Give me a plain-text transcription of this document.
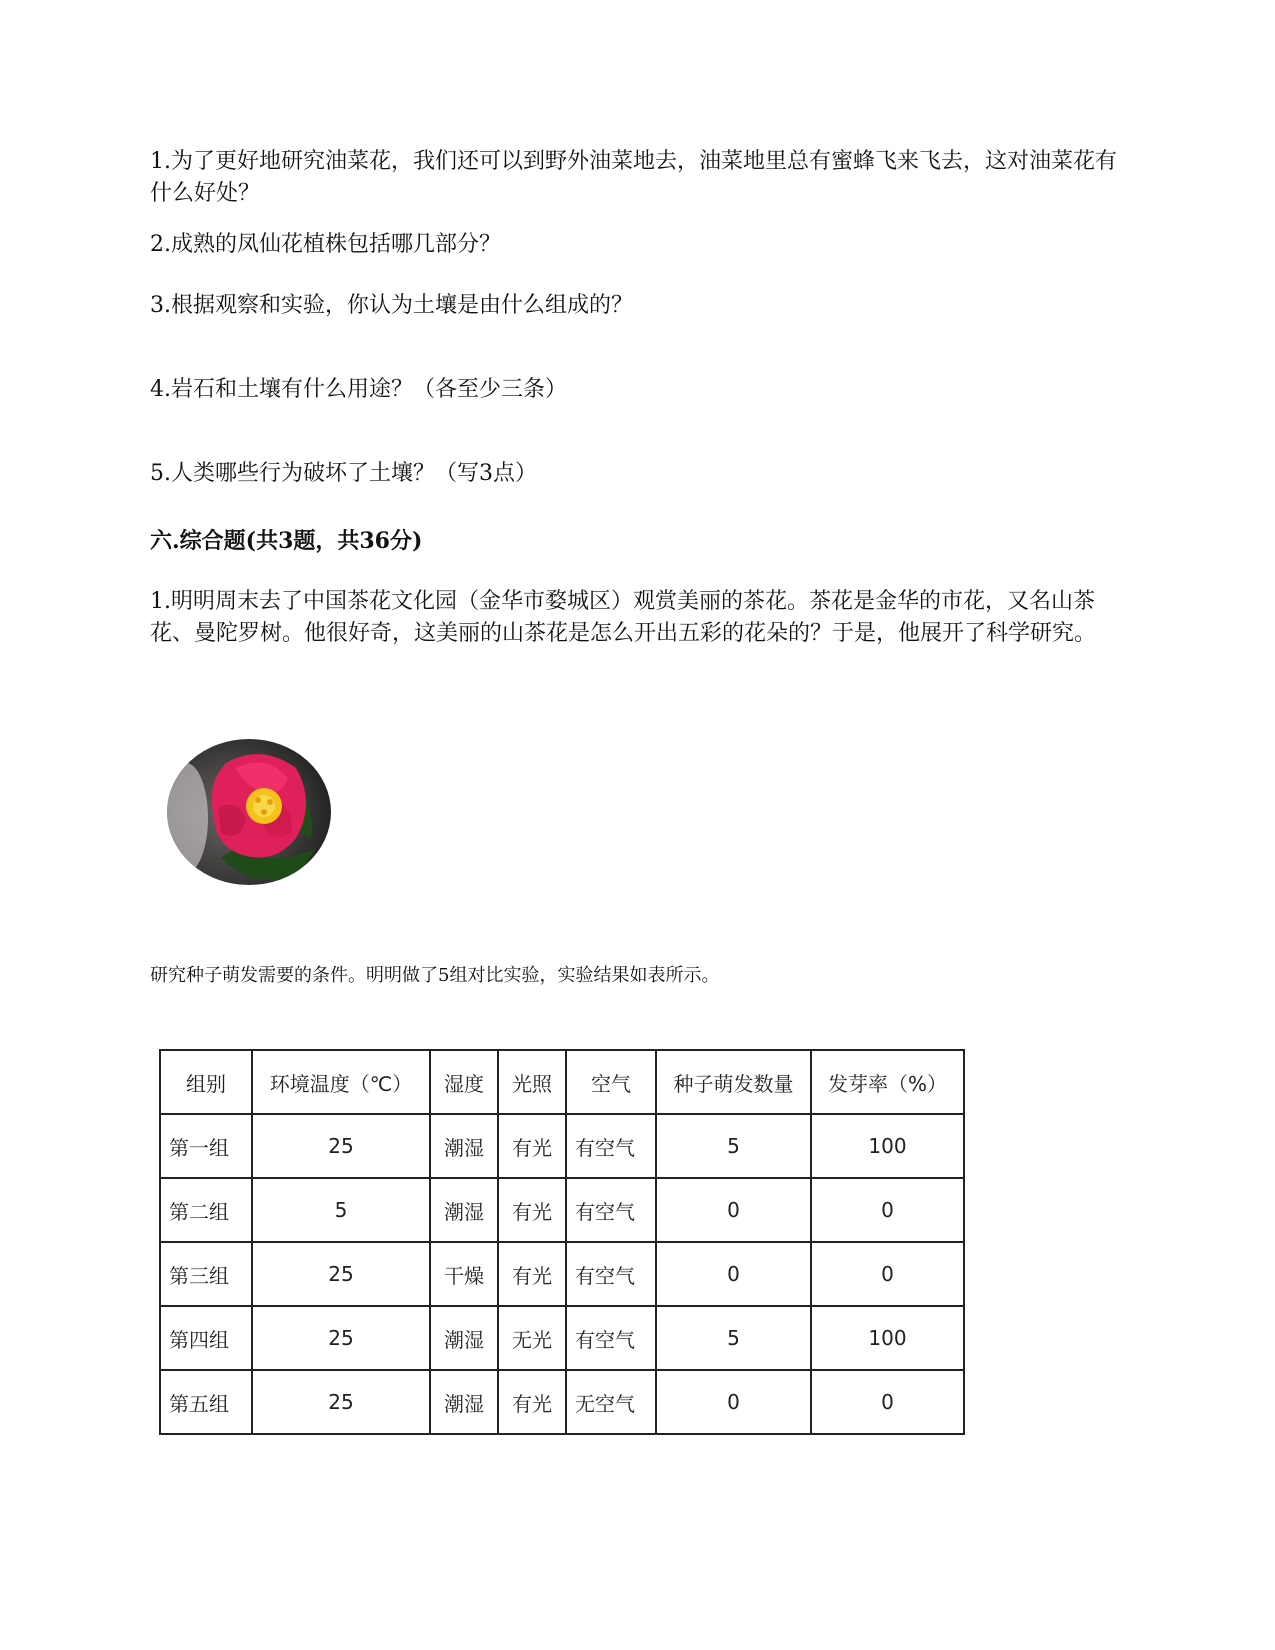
1.为了更好地研究油菜花，我们还可以到野外油菜地去，油菜地里总有蜜蜂飞来飞去，这对油菜花有什么好处？

2.成熟的凤仙花植株包括哪几部分？

3.根据观察和实验，你认为土壤是由什么组成的？

4.岩石和土壤有什么用途？（各至少三条）

5.人类哪些行为破坏了土壤？（写3点）

六.综合题(共3题，共36分)

1.明明周末去了中国茶花文化园（金华市婺城区）观赏美丽的茶花。茶花是金华的市花，又名山茶花、曼陀罗树。他很好奇，这美丽的山茶花是怎么开出五彩的花朵的？于是，他展开了科学研究。

研究种子萌发需要的条件。明明做了5组对比实验，实验结果如表所示。

组别	环境温度（℃）	湿度	光照	空气	种子萌发数量	发芽率（%）
第一组	25	潮湿	有光	有空气	5	100
第二组	5	潮湿	有光	有空气	0	0
第三组	25	干燥	有光	有空气	0	0
第四组	25	潮湿	无光	有空气	5	100
第五组	25	潮湿	有光	无空气	0	0
